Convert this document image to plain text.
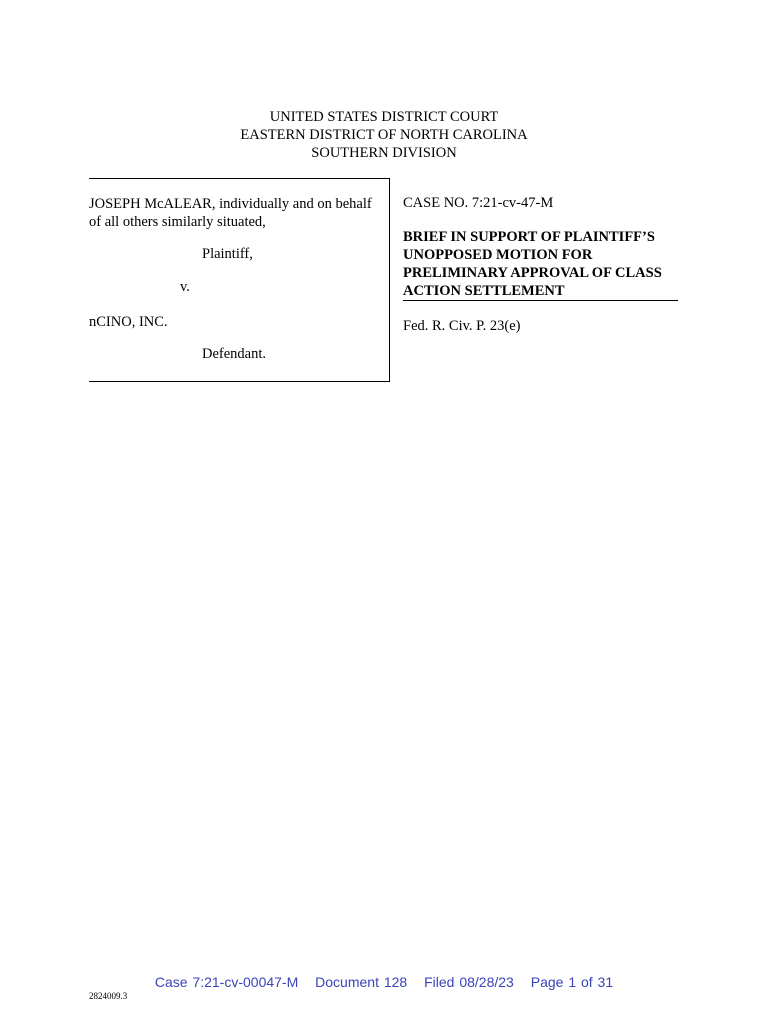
UNITED STATES DISTRICT COURT
EASTERN DISTRICT OF NORTH CAROLINA
SOUTHERN DIVISION
JOSEPH McALEAR, individually and on behalf of all others similarly situated,
Plaintiff,
v.
nCINO, INC.
Defendant.
CASE NO. 7:21-cv-47-M
BRIEF IN SUPPORT OF PLAINTIFF’S UNOPPOSED MOTION FOR PRELIMINARY APPROVAL OF CLASS ACTION SETTLEMENT
Fed. R. Civ. P. 23(e)
Case 7:21-cv-00047-M Document 128 Filed 08/28/23 Page 1 of 31
2824009.3
